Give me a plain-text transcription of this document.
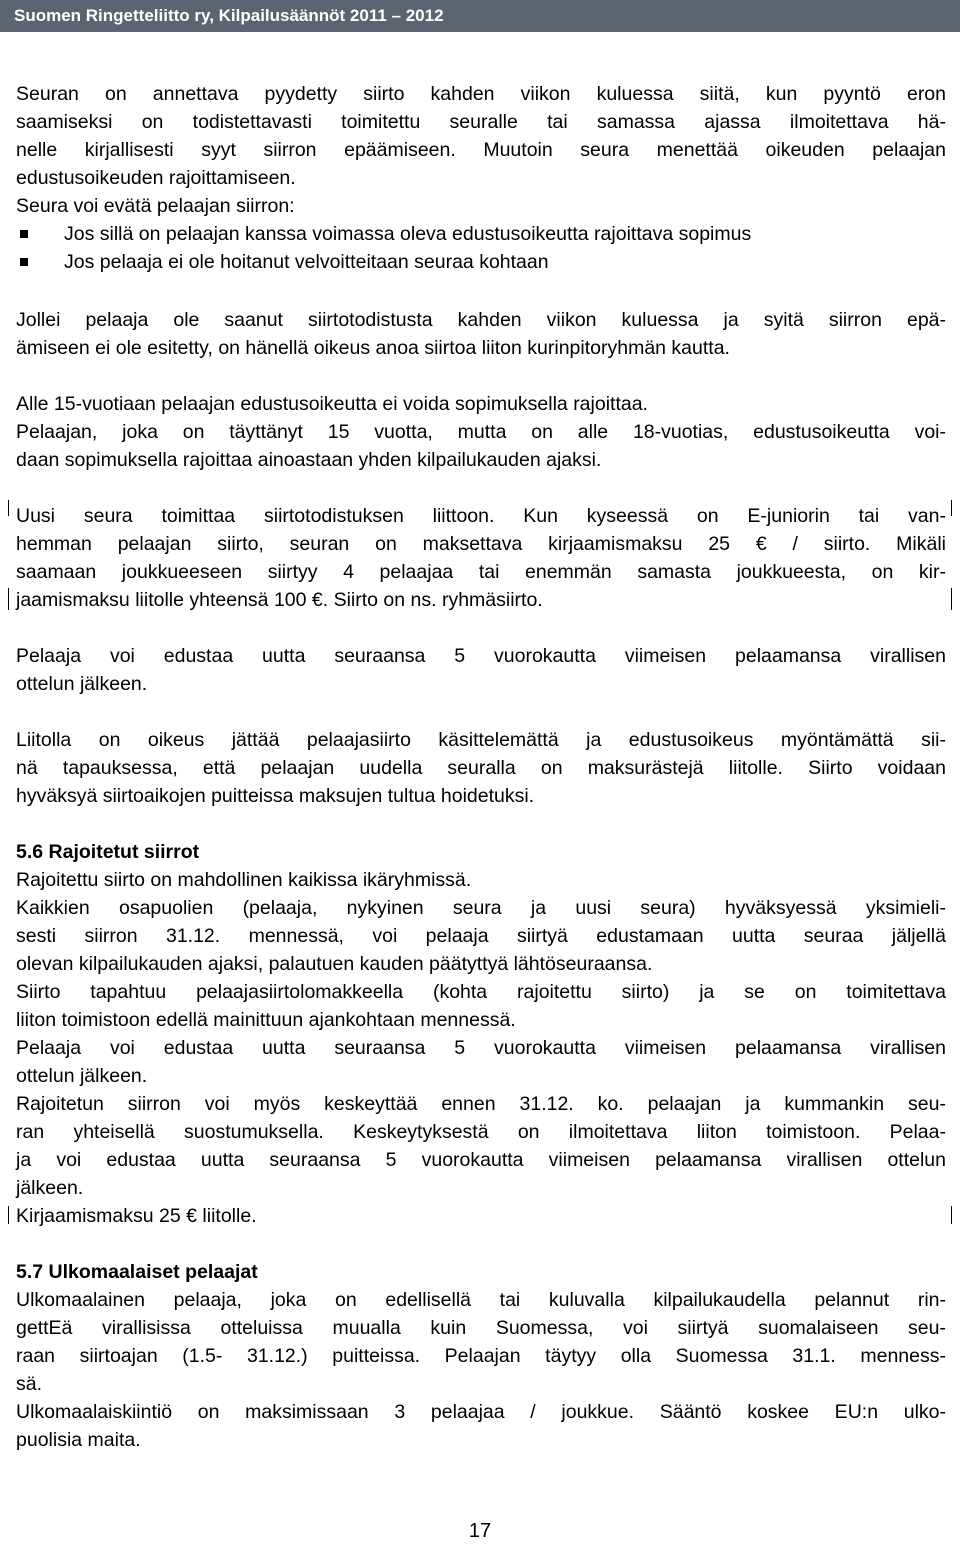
Suomen Ringetteliitto ry, Kilpailusäännöt 2011 – 2012
Seuran on annettava pyydetty siirto kahden viikon kuluessa siitä, kun pyyntö eron
saamiseksi on todistettavasti toimitettu seuralle tai samassa ajassa ilmoitettava hä-
nelle kirjallisesti syyt siirron epäämiseen. Muutoin seura menettää oikeuden pelaajan
edustusoikeuden rajoittamiseen.
Seura voi evätä pelaajan siirron:
Jos sillä on pelaajan kanssa voimassa oleva edustusoikeutta rajoittava sopimus
Jos pelaaja ei ole hoitanut velvoitteitaan seuraa kohtaan
Jollei pelaaja ole saanut siirtotodistusta kahden viikon kuluessa ja syitä siirron epä-
ämiseen ei ole esitetty, on hänellä oikeus anoa siirtoa liiton kurinpitoryhmän kautta.
Alle 15-vuotiaan pelaajan edustusoikeutta ei voida sopimuksella rajoittaa.
Pelaajan, joka on täyttänyt 15 vuotta, mutta on alle 18-vuotias, edustusoikeutta voi-
daan sopimuksella rajoittaa ainoastaan yhden kilpailukauden ajaksi.
Uusi seura toimittaa siirtotodistuksen liittoon. Kun kyseessä on E-juniorin tai van-
hemman pelaajan siirto, seuran on maksettava kirjaamismaksu 25 € / siirto. Mikäli
saamaan joukkueeseen siirtyy 4 pelaajaa tai enemmän samasta joukkueesta, on kir-
jaamismaksu liitolle yhteensä 100 €. Siirto on ns. ryhmäsiirto.
Pelaaja voi edustaa uutta seuraansa 5 vuorokautta viimeisen pelaamansa virallisen
ottelun jälkeen.
Liitolla on oikeus jättää pelaajasiirto käsittelemättä ja edustusoikeus myöntämättä sii-
nä tapauksessa, että pelaajan uudella seuralla on maksurästejä liitolle. Siirto voidaan
hyväksyä siirtoaikojen puitteissa maksujen tultua hoidetuksi.
5.6 Rajoitetut siirrot
Rajoitettu siirto on mahdollinen kaikissa ikäryhmissä.
Kaikkien osapuolien (pelaaja, nykyinen seura ja uusi seura) hyväksyessä yksimieli-
sesti siirron 31.12. mennessä, voi pelaaja siirtyä edustamaan uutta seuraa jäljellä
olevan kilpailukauden ajaksi, palautuen kauden päätyttyä lähtöseuraansa.
Siirto tapahtuu pelaajasiirtolomakkeella (kohta rajoitettu siirto) ja se on toimitettava
liiton toimistoon edellä mainittuun ajankohtaan mennessä.
Pelaaja voi edustaa uutta seuraansa 5 vuorokautta viimeisen pelaamansa virallisen
ottelun jälkeen.
Rajoitetun siirron voi myös keskeyttää ennen 31.12. ko. pelaajan ja kummankin seu-
ran yhteisellä suostumuksella. Keskeytyksestä on ilmoitettava liiton toimistoon. Pelaa-
ja voi edustaa uutta seuraansa 5 vuorokautta viimeisen pelaamansa virallisen ottelun
jälkeen.
Kirjaamismaksu 25 € liitolle.
5.7 Ulkomaalaiset pelaajat
Ulkomaalainen pelaaja, joka on edellisellä tai kuluvalla kilpailukaudella pelannut rin-
gettEä virallisissa otteluissa muualla kuin Suomessa, voi siirtyä suomalaiseen seu-
raan siirtoajan (1.5- 31.12.) puitteissa. Pelaajan täytyy olla Suomessa 31.1. menness-
sä.
Ulkomaalaiskiintiö on maksimissaan 3 pelaajaa / joukkue. Sääntö koskee EU:n ulko-
puolisia maita.
17
